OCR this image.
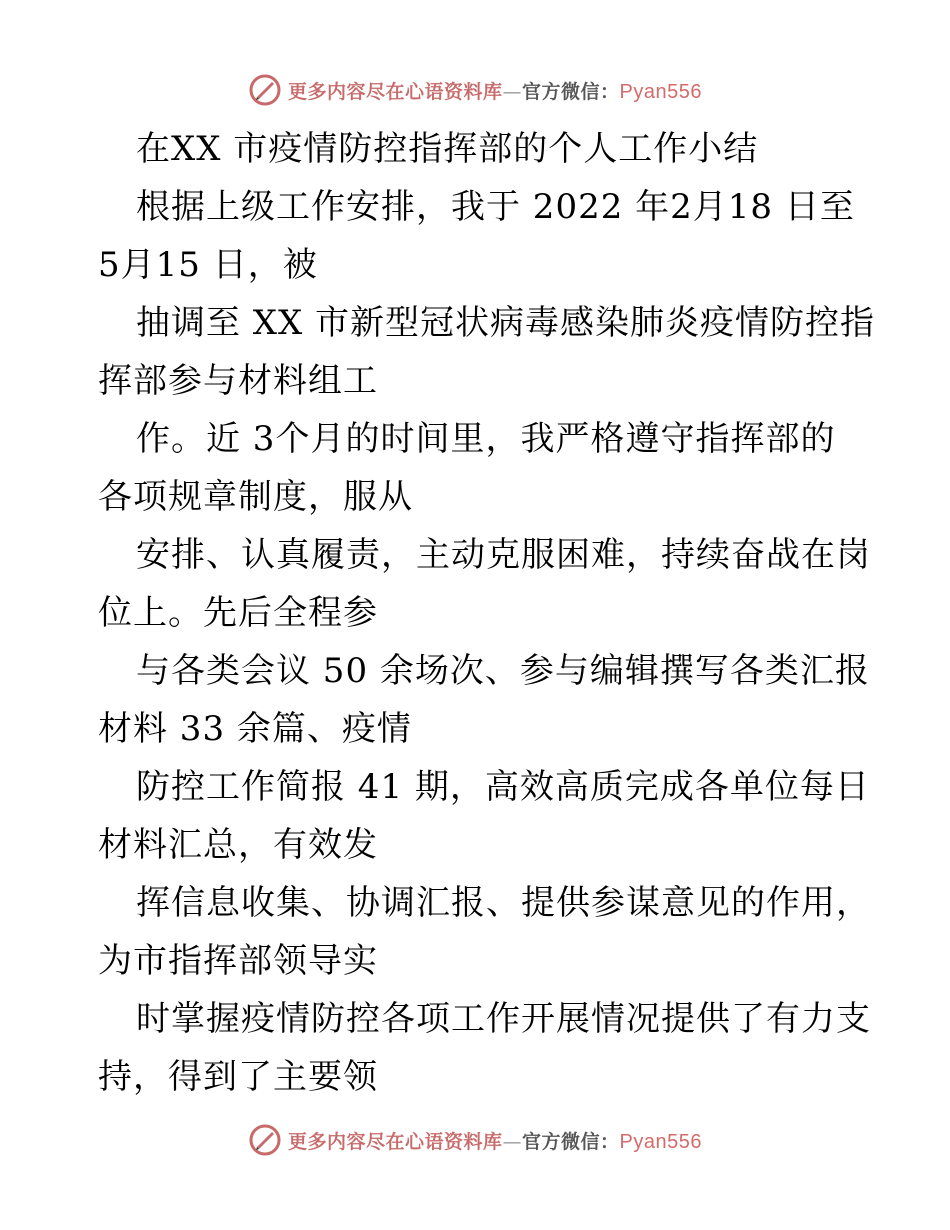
更多内容尽在心语资料库—官方微信：Pyan556
在XX 市疫情防控指挥部的个人工作小结
根据上级工作安排，我于 2022 年2月18 日至
5月15 日，被
抽调至 XX 市新型冠状病毒感染肺炎疫情防控指
挥部参与材料组工
作。近 3个月的时间里，我严格遵守指挥部的
各项规章制度，服从
安排、认真履责，主动克服困难，持续奋战在岗
位上。先后全程参
与各类会议 50 余场次、参与编辑撰写各类汇报
材料 33 余篇、疫情
防控工作简报 41 期，高效高质完成各单位每日
材料汇总，有效发
挥信息收集、协调汇报、提供参谋意见的作用，
为市指挥部领导实
时掌握疫情防控各项工作开展情况提供了有力支
持，得到了主要领
更多内容尽在心语资料库—官方微信：Pyan556
